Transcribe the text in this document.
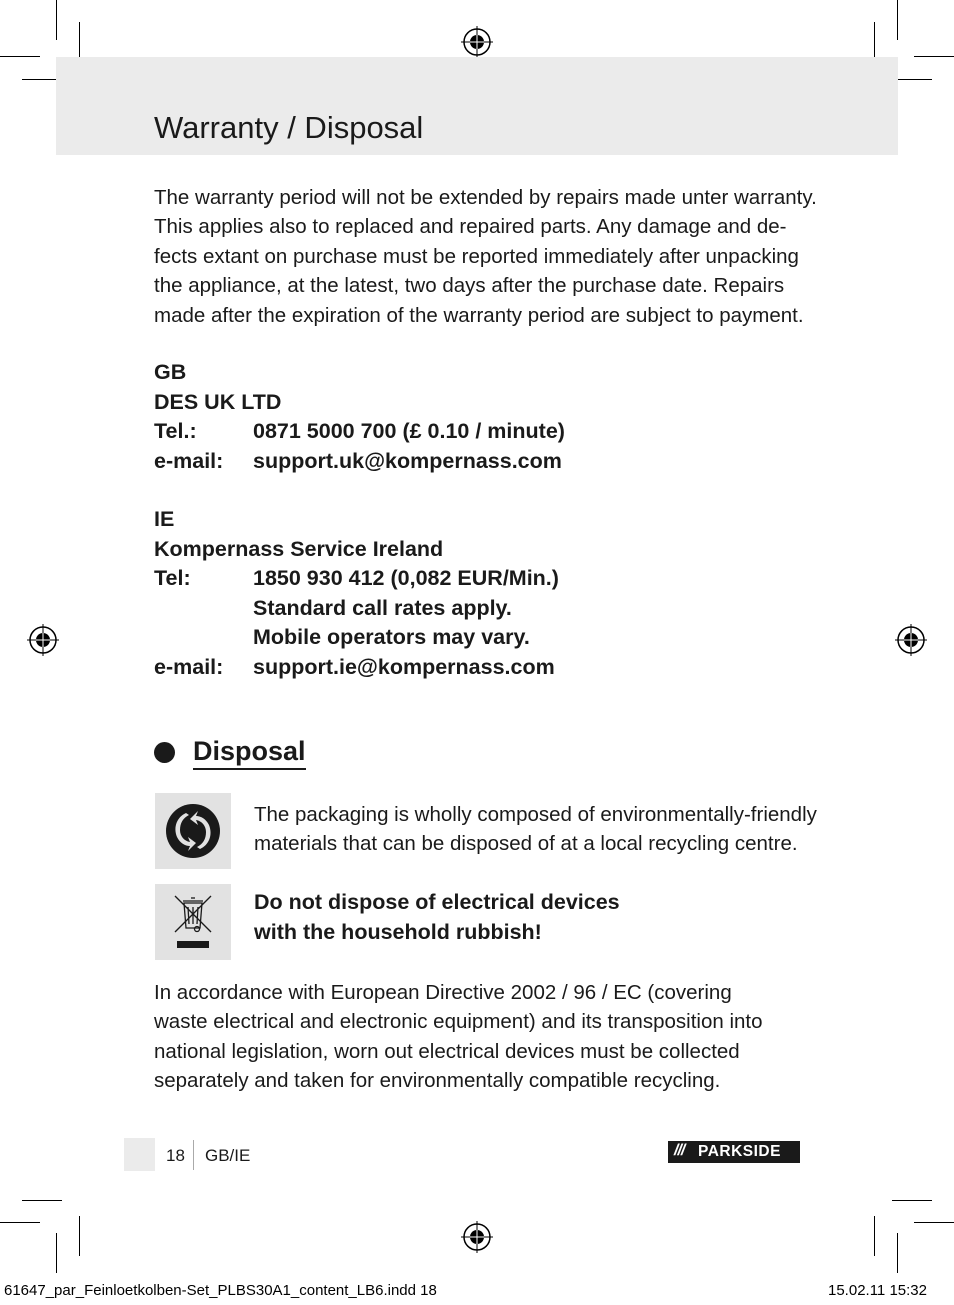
Warranty / Disposal
The warranty period will not be extended by repairs made unter warranty.
This applies also to replaced and repaired parts. Any damage and de-
fects extant on purchase must be reported immediately after unpacking
the appliance, at the latest, two days after the purchase date. Repairs
made after the expiration of the warranty period are subject to payment.
GB
DES UK LTD
Tel.:	0871 5000 700 (£ 0.10 / minute)
e-mail: support.uk@kompernass.com
IE
Kompernass Service Ireland
Tel:	1850 930 412 (0,082 EUR/Min.)
Standard call rates apply.
Mobile operators may vary.
e-mail: support.ie@kompernass.com
Disposal
The packaging is wholly composed of environmentally-friendly
materials that can be disposed of at a local recycling centre.
Do not dispose of electrical devices
with the household rubbish!
In accordance with European Directive 2002 / 96 / EC (covering
waste electrical and electronic equipment) and its transposition into
national legislation, worn out electrical devices must be collected
separately and taken for environmentally compatible recycling.
18 GB/IE	/// PARKSIDE
61647_par_Feinloetkolben-Set_PLBS30A1_content_LB6.indd 18	15.02.11 15:32
